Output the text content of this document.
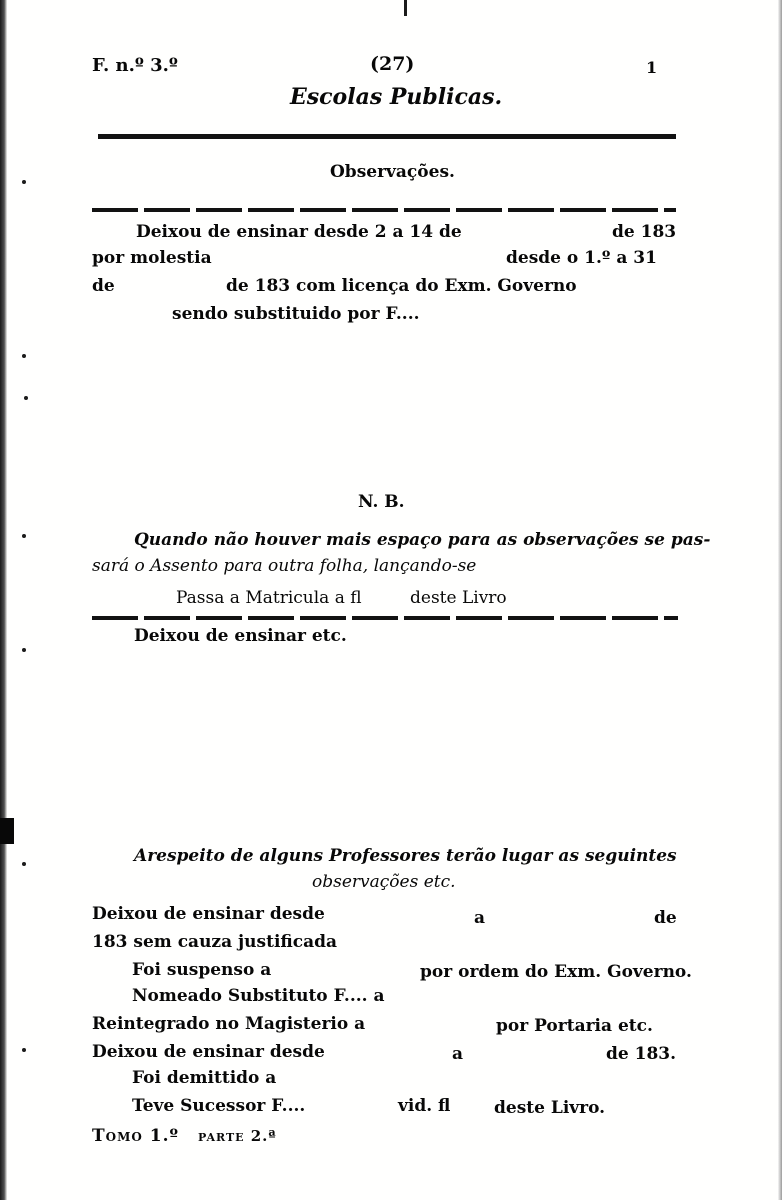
F. n.º 3.º	(27)	1
Escolas Publicas.
Observações.
Deixou de ensinar desde 2 a 14 de	de 183
por molestia	desde o 1.º a 31
de	de 183 com licença do Exm. Governo
sendo substituido por F....
N. B.
Quando não houver mais espaço para as observações se pas-
sará o Assento para outra folha, lançando-se
Passa a Matricula a fl	deste Livro
Deixou de ensinar etc.
Arespeito de alguns Professores terão lugar as seguintes
observações etc.
Deixou de ensinar desde	a	de
183 sem cauza justificada
Foi suspenso a	por ordem do Exm. Governo.
Nomeado Substituto F.... a
Reintegrado no Magisterio a	por Portaria etc.
Deixou de ensinar desde	a	de 183.
Foi demittido a
Teve Sucessor F....	vid. fl	deste Livro.
Tomo 1.º parte 2.ª
